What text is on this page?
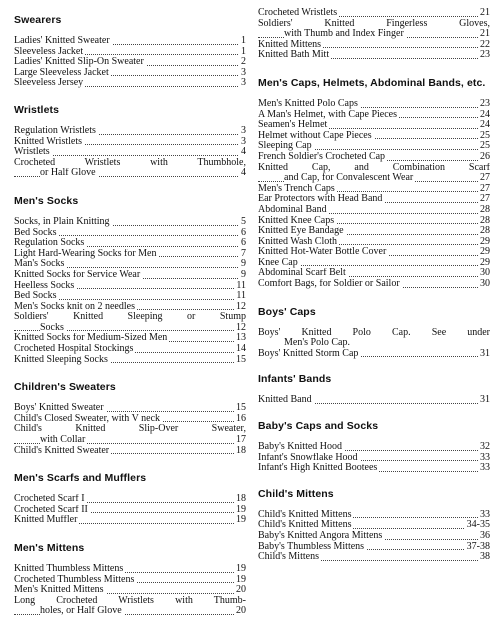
Swearers
Ladies' Knitted Sweater	1
Sleeveless Jacket	1
Ladies' Knitted Slip-On Sweater	2
Large Sleeveless Jacket	3
Sleeveless Jersey	3
Wristlets
Regulation Wristlets	3
Knitted Wristlets	3
Wristlets	4
Crocheted Wristlets with Thumbhole,
or Half Glove	4
Men's Socks
Socks, in Plain Knitting	5
Bed Socks	6
Regulation Socks	6
Light Hard-Wearing Socks for Men	7
Man's Socks	9
Knitted Socks for Service Wear	9
Heelless Socks	11
Bed Socks	11
Men's Socks knit on 2 needles	12
Soldiers' Knitted Sleeping or Stump
Socks	12
Knitted Socks for Medium-Sized Men	13
Crocheted Hospital Stockings	14
Knitted Sleeping Socks	15
Children's Sweaters
Boys' Knitted Sweater	15
Child's Closed Sweater, with V neck	16
Child's Knitted Slip-Over Sweater,
with Collar	17
Child's Knitted Sweater	18
Men's Scarfs and Mufflers
Crocheted Scarf I	18
Crocheted Scarf II	19
Knitted Muffler	19
Men's Mittens
Knitted Thumbless Mittens	19
Crocheted Thumbless Mittens	19
Men's Knitted Mittens	20
Long Crocheted Wristlets with Thumb-
holes, or Half Glove	20
Crocheted Wristlets	21
Soldiers' Knitted Fingerless Gloves,
with Thumb and Index Finger	21
Knitted Mittens	22
Knitted Bath Mitt	23
Men's Caps, Helmets, Abdominal Bands, etc.
Men's Knitted Polo Caps	23
A Man's Helmet, with Cape Pieces	24
Seamen's Helmet	24
Helmet without Cape Pieces	25
Sleeping Cap	25
French Soldier's Crocheted Cap	26
Knitted Cap, and Combination Scarf
and Cap, for Convalescent Wear	27
Men's Trench Caps	27
Ear Protectors with Head Band	27
Abdominal Band	28
Knitted Knee Caps	28
Knitted Eye Bandage	28
Knitted Wash Cloth	29
Knitted Hot-Water Bottle Cover	29
Knee Cap	29
Abdominal Scarf Belt	30
Comfort Bags, for Soldier or Sailor	30
Boys' Caps
Boys' Knitted Polo Cap. See under
Men's Polo Cap.
Boys' Knitted Storm Cap	31
Infants' Bands
Knitted Band	31
Baby's Caps and Socks
Baby's Knitted Hood	32
Infant's Snowflake Hood	33
Infant's High Knitted Bootees	33
Child's Mittens
Child's Knitted Mittens	33
Child's Knitted Mittens	34-35
Baby's Knitted Angora Mittens	36
Baby's Thumbless Mittens	37-38
Child's Mittens	38
